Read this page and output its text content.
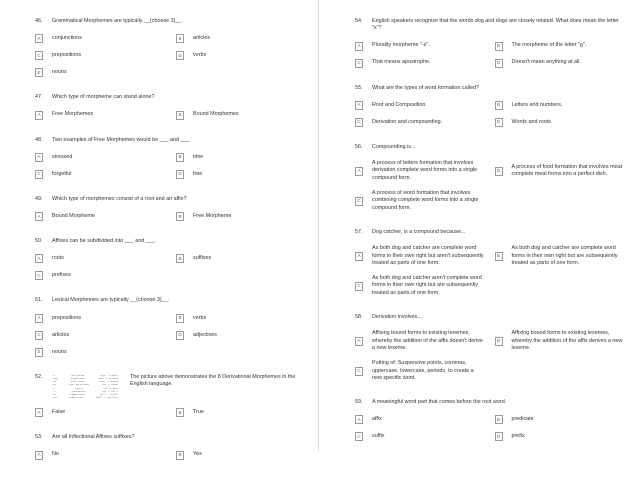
46.	Grammatical Morphemes are typically __(choose 3)__.
A	conjunctions	B	articles
C	prepositions	D	verbs
E	nouns
47.	Which type of morpheme can stand alone?
A	Free Morphemes	B	Bound Morphemes
48.	Two examples of Free Morphemes would be ___ and ___.
A	stressed	B	time
C	forgetful	D	free
49.	Which type of morphemes consist of a root and an affix?
A	Bound Morpheme	B	Free Morpheme
50.	Affixes can be subdivided into ___ and ___.
A	roots	B	suffixes
C	prefixes
51.	Lexical Morphemes are typically __(choose 3)__.
A	prepositions	B	verbs
C	articles	D	adjectives
E	nouns
52.	-s	3rd person	wait -> waits
-ing	progressive	wait -> waiting
-ed	past tense	wait -> waited
-en	past participle	eat -> eaten
-s	plural	cat -> cats
-'s	possessive	cat -> cat's
-er	comparative	tall -> taller
-est	superlative	small -> smallest
The picture above demonstrates the 8 Derivational Morphemes in the English language.
A	False	B	True
53.	Are all Inflectional Affixes suffixes?
A	No	B	Yes
54.	English speakers recognize that the words dog and dogs are closely related. What does mean the letter "s"?
A	Plurality morpheme "-s".	B	The morpheme of the letter "g".
C	That means apostrophe.	D	Doesn't mean anything at all.
55.	What are the types of word formation called?
A	Root and Composition.	B	Letters and numbers.
C	Derivation and compounding.	D	Words and roots
56.	Compounding is...
A
A process of letters formation that involves derivation complete word forms into a single compound form.
B
A process of food formation that involves meat complete meal forms into a perfect dish.
C
A process of word formation that involves combining complete word forms into a single compound form.
57.	Dog catcher, is a compound because...
A
As both dog and catcher are complete word forms in their own right but aren't subsequently treated as parts of one form.
B
As both dog and catcher are complete word forms in their own right but are subsequently treated as parts of one form.
C
As both dog and catcher aren't complete word forms in their own right but are subsequently treated as parts of one form.
58.	Derivation involves...
A
Affixing bound forms to existing lexemes, whereby the addition of the affix doesn't derive a new lexeme.
B
Affixing bound forms to existing lexemes, whereby the addition of the affix derives a new lexeme.
C
Putting of: Suspensive points, commas, uppercase, lowercase, periods, to create a new specific word.
59.	A meaningful word part that comes before the root word.
A	affix	B	predicate
C	suffix	D	prefix
